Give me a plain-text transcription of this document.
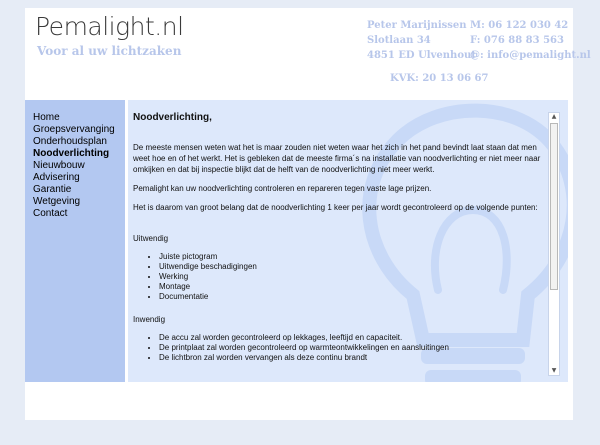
Pemalight.nl
Voor al uw lichtzaken
Peter Marijnissen
Slotlaan 34
4851 ED Ulvenhout
M: 06 122 030 42
F: 076 88 83 563
@: info@pemalight.nl
KVK: 20 13 06 67
Home
Groepsvervanging
Onderhoudsplan
Noodverlichting
Nieuwbouw
Advisering
Garantie
Wetgeving
Contact
Noodverlichting,

De meeste mensen weten wat het is maar zouden niet weten waar het zich in het pand bevindt laat staan dat men weet hoe en of het werkt. Het is gebleken dat de meeste firma´s na installatie van noodverlichting er niet meer naar omkijken en dat bij inspectie blijkt dat de helft van de noodverlichting niet meer werkt.

Pemalight kan uw noodverlichting controleren en repareren tegen vaste lage prijzen.

Het is daarom van groot belang dat de noodverlichting 1 keer per jaar wordt gecontroleerd op de volgende punten:

Uitwendig
• Juiste pictogram
• Uitwendige beschadigingen
• Werking
• Montage
• Documentatie
Inwendig
• De accu zal worden gecontroleerd op lekkages, leeftijd en capaciteit.
• De printplaat zal worden gecontroleerd op warmteontwikkelingen en aansluitingen
• De lichtbron zal worden vervangen als deze continu brandt
▲
▼
